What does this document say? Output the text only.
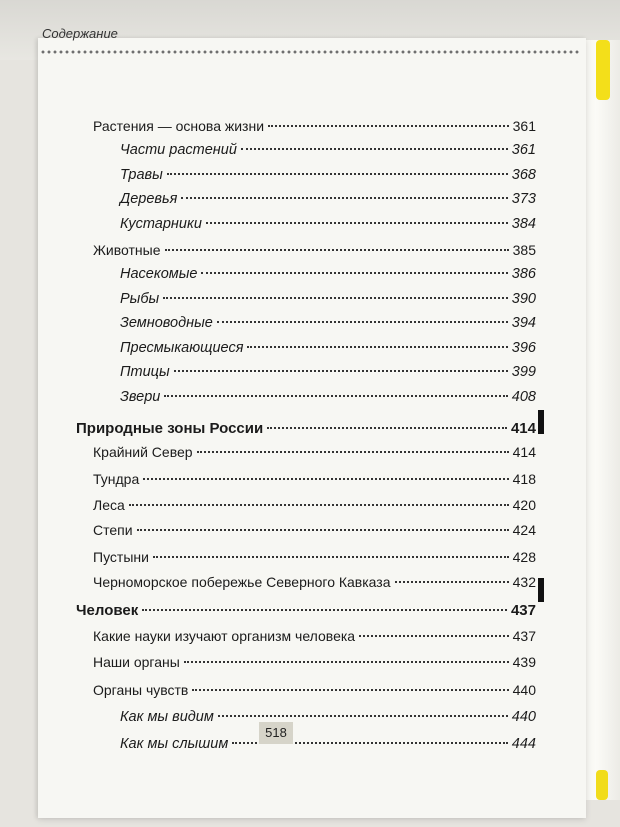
Содержание
Растения — основа жизни	361
Части растений	361
Травы	368
Деревья	373
Кустарники	384
Животные	385
Насекомые	386
Рыбы	390
Земноводные	394
Пресмыкающиеся	396
Птицы	399
Звери	408
Природные зоны России	414
Крайний Север	414
Тундра	418
Леса	420
Степи	424
Пустыни	428
Черноморское побережье Северного Кавказа	432
Человек	437
Какие науки изучают организм человека	437
Наши органы	439
Органы чувств	440
Как мы видим	440
Как мы слышим	444
518
